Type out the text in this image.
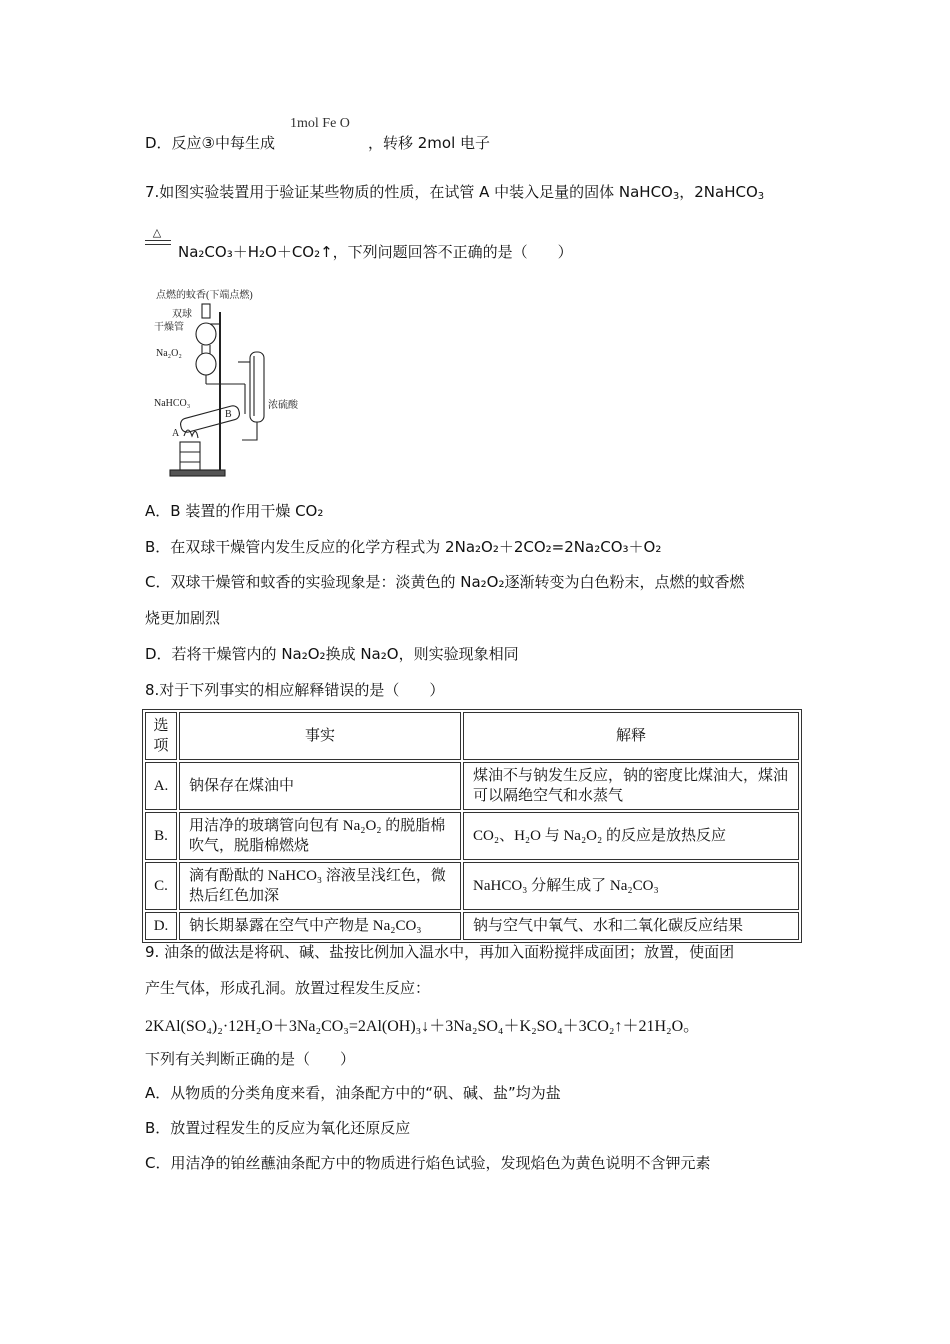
1mol Fe O
D．反应③中每生成	，转移 2mol 电子
7.如图实验装置用于验证某些物质的性质，在试管 A 中装入足量的固体 NaHCO$_3$，2NaHCO$_3$
△
Na₂CO₃＋H₂O＋CO₂↑，下列问题回答不正确的是（　　）
点燃的蚊香(下端点燃)
双球
干燥管
Na₂O₂
NaHCO₃
B
A
浓硫酸
A．B 装置的作用干燥 CO₂
B．在双球干燥管内发生反应的化学方程式为 2Na₂O₂＋2CO₂=2Na₂CO₃＋O₂
C．双球干燥管和蚊香的实验现象是：淡黄色的 Na₂O₂逐渐转变为白色粉末，点燃的蚊香燃
烧更加剧烈
D．若将干燥管内的 Na₂O₂换成 Na₂O，则实验现象相同
8.对于下列事实的相应解释错误的是（　　）
选项	事实	解释
A.	钠保存在煤油中	煤油不与钠发生反应，钠的密度比煤油大，煤油可以隔绝空气和水蒸气
B.	用洁净的玻璃管向包有 Na₂O₂ 的脱脂棉吹气，脱脂棉燃烧	CO₂、H₂O 与 Na₂O₂ 的反应是放热反应
C.	滴有酚酞的 NaHCO₃ 溶液呈浅红色，微热后红色加深	NaHCO₃ 分解生成了 Na₂CO₃
D.	钠长期暴露在空气中产物是 Na₂CO₃	钠与空气中氧气、水和二氧化碳反应结果
9. 油条的做法是将矾、碱、盐按比例加入温水中，再加入面粉搅拌成面团；放置，使面团
产生气体，形成孔洞。放置过程发生反应：
2KAl(SO₄)₂·12H₂O＋3Na₂CO₃=2Al(OH)₃↓＋3Na₂SO₄＋K₂SO₄＋3CO₂↑＋21H₂O。
下列有关判断正确的是（　　）
A．从物质的分类角度来看，油条配方中的“矾、碱、盐”均为盐
B．放置过程发生的反应为氧化还原反应
C．用洁净的铂丝蘸油条配方中的物质进行焰色试验，发现焰色为黄色说明不含钾元素
